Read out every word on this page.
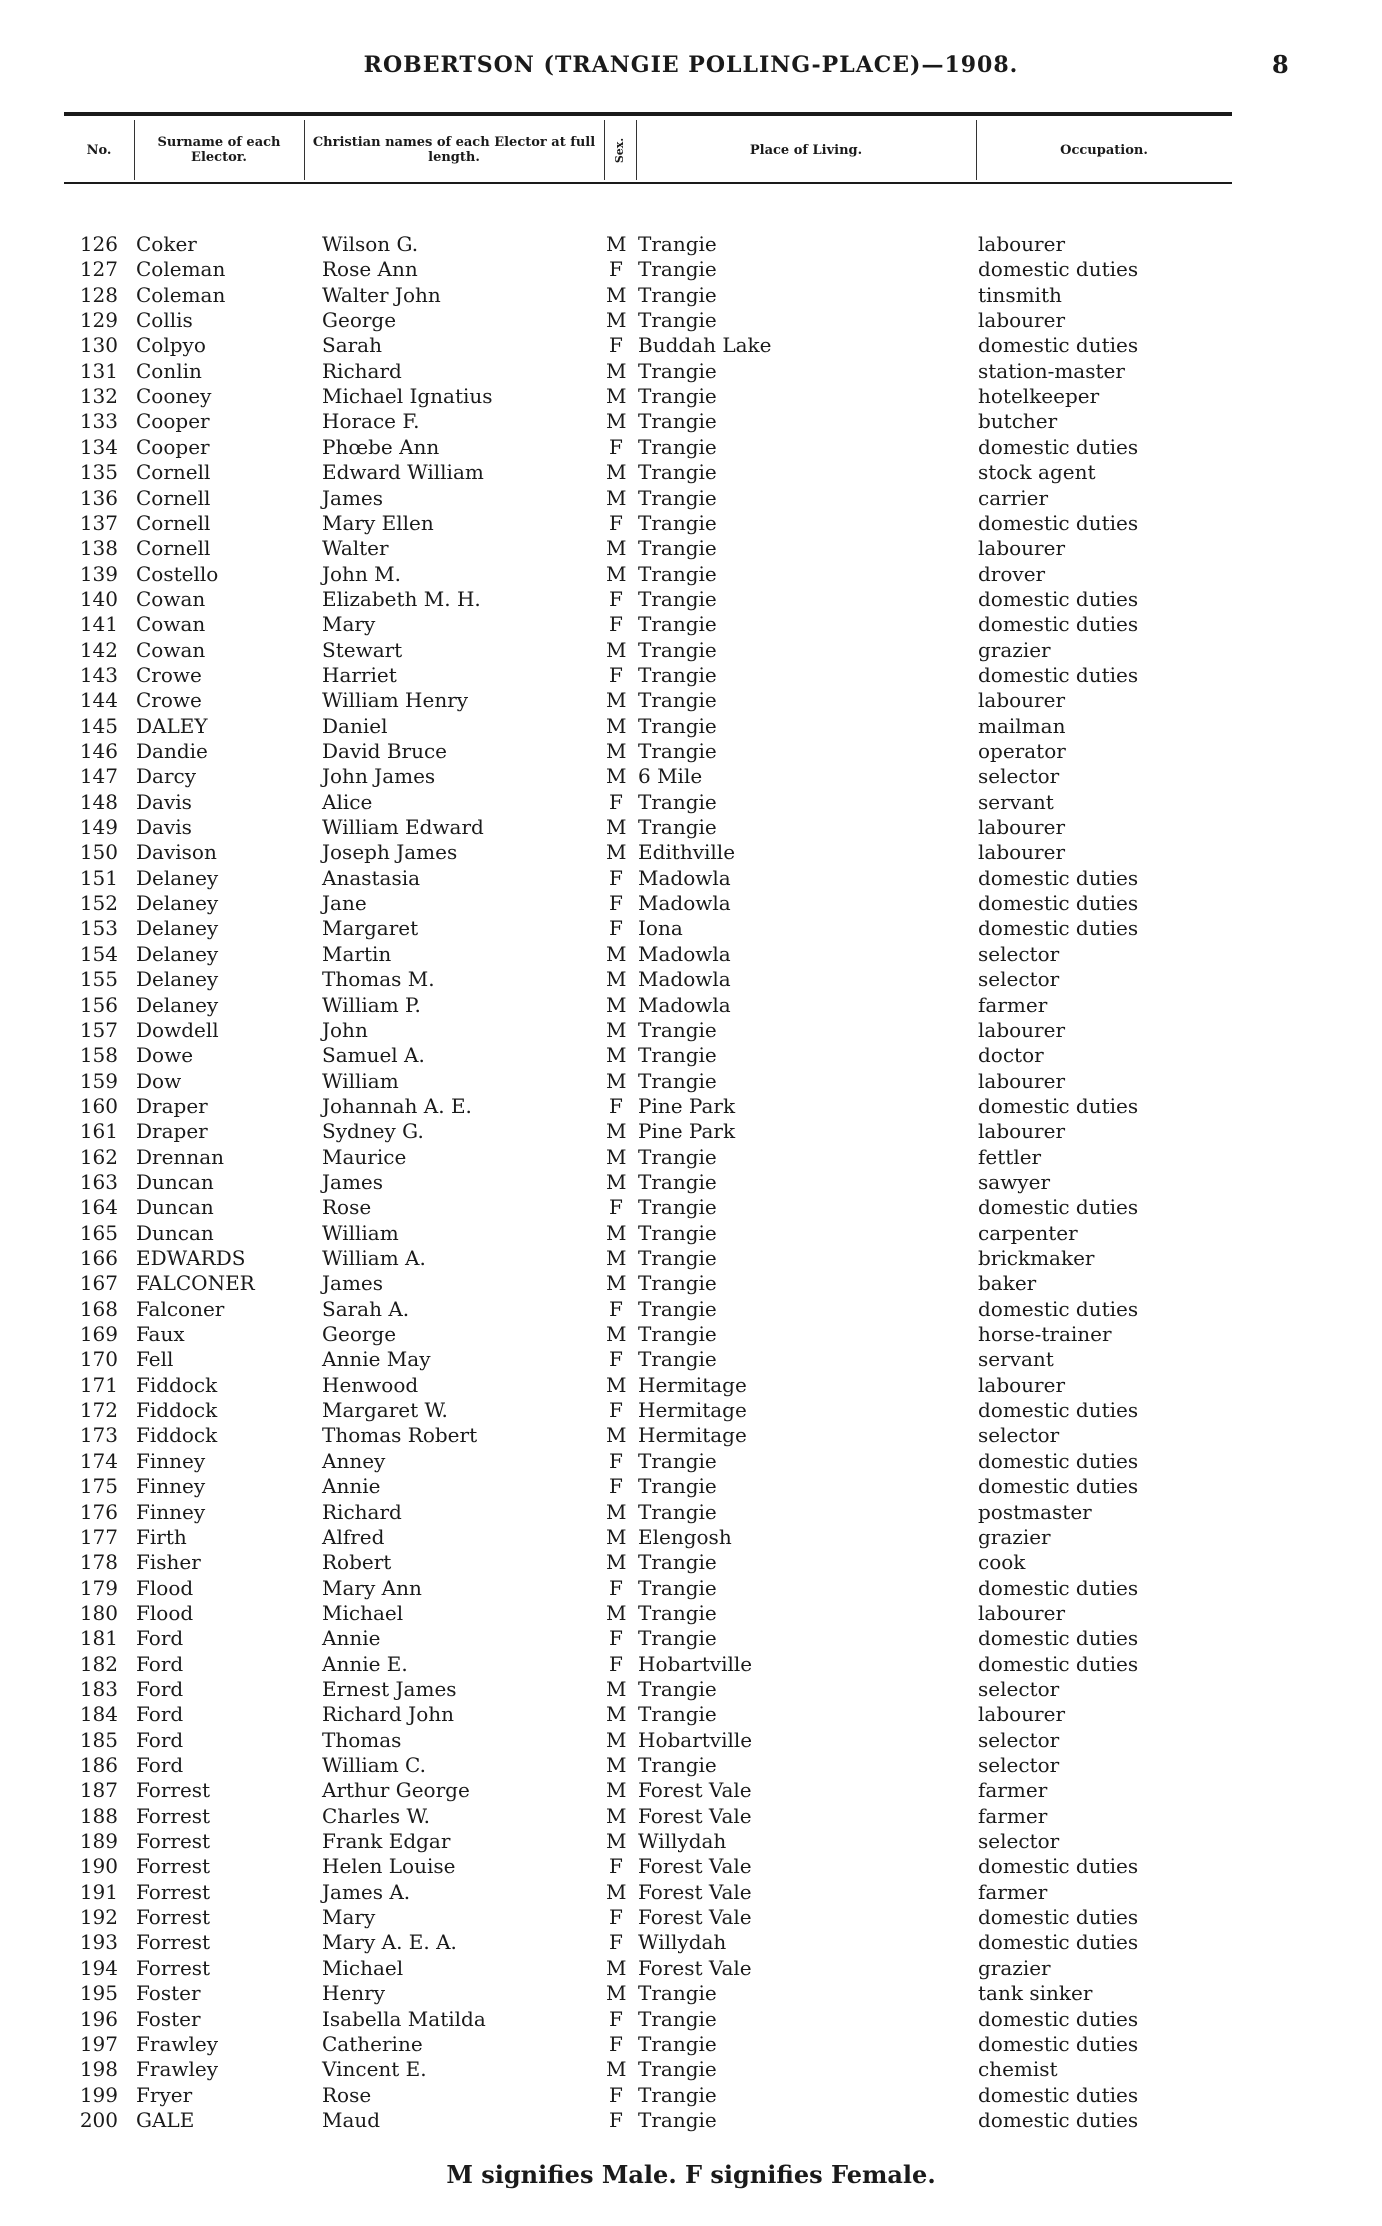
ROBERTSON (TRANGIE POLLING-PLACE)—1908.	8
No.	Surname of each Elector.
Christian names of each Elector at full length.	Sex.	Place of Living.	Occupation.
126 Coker	Wilson G.	M Trangie	labourer
127 Coleman	Rose Ann	F Trangie	domestic duties
128 Coleman	Walter John	M Trangie	tinsmith
129 Collis	George	M Trangie	labourer
130 Colpyo	Sarah	F Buddah Lake	domestic duties
131 Conlin	Richard	M Trangie	station-master
132 Cooney	Michael Ignatius	M Trangie	hotelkeeper
133 Cooper	Horace F.	M Trangie	butcher
134 Cooper	Phœbe Ann	F Trangie	domestic duties
135 Cornell	Edward William	M Trangie	stock agent
136 Cornell	James	M Trangie	carrier
137 Cornell	Mary Ellen	F Trangie	domestic duties
138 Cornell	Walter	M Trangie	labourer
139 Costello	John M.	M Trangie	drover
140 Cowan	Elizabeth M. H.	F Trangie	domestic duties
141 Cowan	Mary	F Trangie	domestic duties
142 Cowan	Stewart	M Trangie	grazier
143 Crowe	Harriet	F Trangie	domestic duties
144 Crowe	William Henry	M Trangie	labourer
145 DALEY	Daniel	M Trangie	mailman
146 Dandie	David Bruce	M Trangie	operator
147 Darcy	John James	M 6 Mile	selector
148 Davis	Alice	F Trangie	servant
149 Davis	William Edward	M Trangie	labourer
150 Davison	Joseph James	M Edithville	labourer
151 Delaney	Anastasia	F Madowla	domestic duties
152 Delaney	Jane	F Madowla	domestic duties
153 Delaney	Margaret	F Iona	domestic duties
154 Delaney	Martin	M Madowla	selector
155 Delaney	Thomas M.	M Madowla	selector
156 Delaney	William P.	M Madowla	farmer
157 Dowdell	John	M Trangie	labourer
158 Dowe	Samuel A.	M Trangie	doctor
159 Dow	William	M Trangie	labourer
160 Draper	Johannah A. E.	F Pine Park	domestic duties
161 Draper	Sydney G.	M Pine Park	labourer
162 Drennan	Maurice	M Trangie	fettler
163 Duncan	James	M Trangie	sawyer
164 Duncan	Rose	F Trangie	domestic duties
165 Duncan	William	M Trangie	carpenter
166 EDWARDS	William A.	M Trangie	brickmaker
167 FALCONER	James	M Trangie	baker
168 Falconer	Sarah A.	F Trangie	domestic duties
169 Faux	George	M Trangie	horse-trainer
170 Fell	Annie May	F Trangie	servant
171 Fiddock	Henwood	M Hermitage	labourer
172 Fiddock	Margaret W.	F Hermitage	domestic duties
173 Fiddock	Thomas Robert	M Hermitage	selector
174 Finney	Anney	F Trangie	domestic duties
175 Finney	Annie	F Trangie	domestic duties
176 Finney	Richard	M Trangie	postmaster
177 Firth	Alfred	M Elengosh	grazier
178 Fisher	Robert	M Trangie	cook
179 Flood	Mary Ann	F Trangie	domestic duties
180 Flood	Michael	M Trangie	labourer
181 Ford	Annie	F Trangie	domestic duties
182 Ford	Annie E.	F Hobartville	domestic duties
183 Ford	Ernest James	M Trangie	selector
184 Ford	Richard John	M Trangie	labourer
185 Ford	Thomas	M Hobartville	selector
186 Ford	William C.	M Trangie	selector
187 Forrest	Arthur George	M Forest Vale	farmer
188 Forrest	Charles W.	M Forest Vale	farmer
189 Forrest	Frank Edgar	M Willydah	selector
190 Forrest	Helen Louise	F Forest Vale	domestic duties
191 Forrest	James A.	M Forest Vale	farmer
192 Forrest	Mary	F Forest Vale	domestic duties
193 Forrest	Mary A. E. A.	F Willydah	domestic duties
194 Forrest	Michael	M Forest Vale	grazier
195 Foster	Henry	M Trangie	tank sinker
196 Foster	Isabella Matilda	F Trangie	domestic duties
197 Frawley	Catherine	F Trangie	domestic duties
198 Frawley	Vincent E.	M Trangie	chemist
199 Fryer	Rose	F Trangie	domestic duties
200 GALE	Maud	F Trangie	domestic duties
M signifies Male. F signifies Female.
